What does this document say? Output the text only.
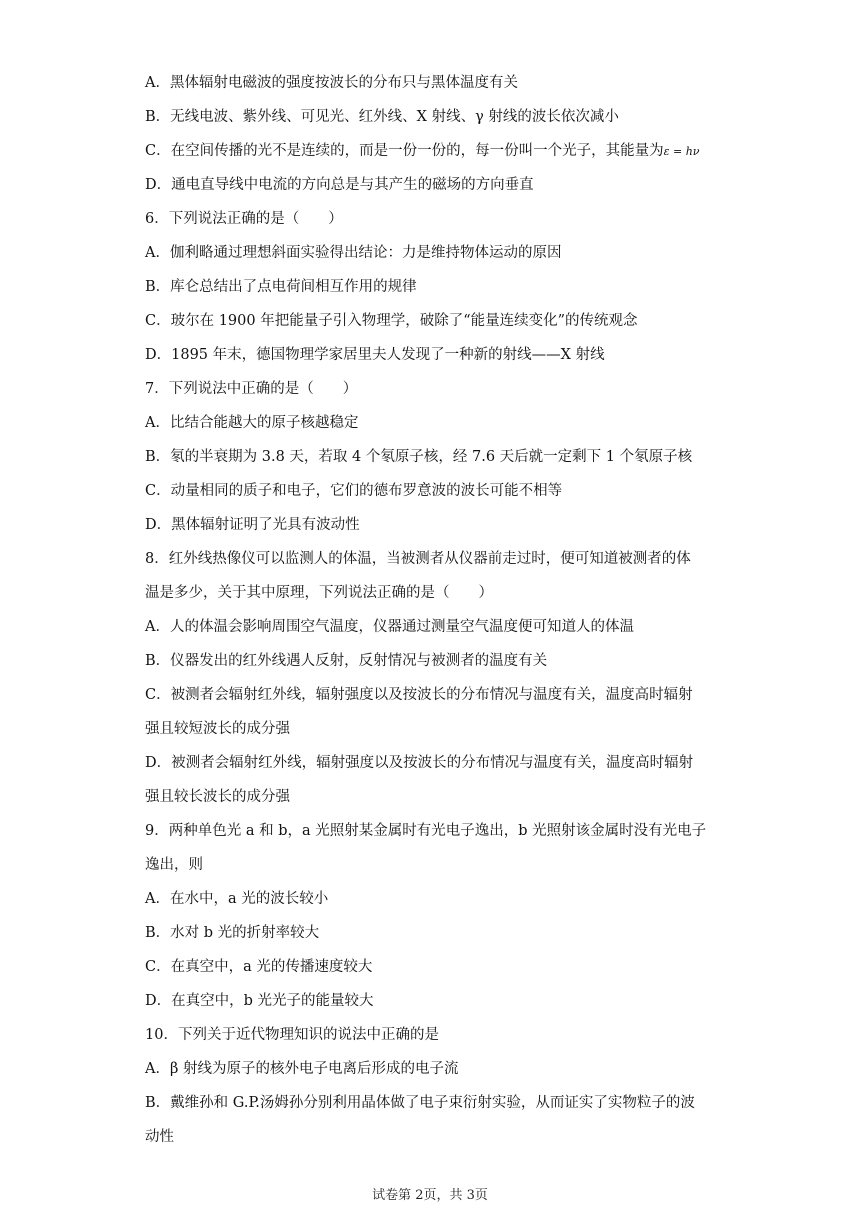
A．黑体辐射电磁波的强度按波长的分布只与黑体温度有关
B．无线电波、紫外线、可见光、红外线、X 射线、γ 射线的波长依次减小
C．在空间传播的光不是连续的，而是一份一份的，每一份叫一个光子，其能量为ε = hν
D．通电直导线中电流的方向总是与其产生的磁场的方向垂直
6．下列说法正确的是（　　）
A．伽利略通过理想斜面实验得出结论：力是维持物体运动的原因
B．库仑总结出了点电荷间相互作用的规律
C．玻尔在 1900 年把能量子引入物理学，破除了“能量连续变化”的传统观念
D．1895 年末，德国物理学家居里夫人发现了一种新的射线——X 射线
7．下列说法中正确的是（　　）
A．比结合能越大的原子核越稳定
B．氡的半衰期为 3.8 天，若取 4 个氡原子核，经 7.6 天后就一定剩下 1 个氡原子核
C．动量相同的质子和电子，它们的德布罗意波的波长可能不相等
D．黑体辐射证明了光具有波动性
8．红外线热像仪可以监测人的体温，当被测者从仪器前走过时，便可知道被测者的体
温是多少，关于其中原理，下列说法正确的是（　　）
A．人的体温会影响周围空气温度，仪器通过测量空气温度便可知道人的体温
B．仪器发出的红外线遇人反射，反射情况与被测者的温度有关
C．被测者会辐射红外线，辐射强度以及按波长的分布情况与温度有关，温度高时辐射
强且较短波长的成分强
D．被测者会辐射红外线，辐射强度以及按波长的分布情况与温度有关，温度高时辐射
强且较长波长的成分强
9．两种单色光 a 和 b，a 光照射某金属时有光电子逸出，b 光照射该金属时没有光电子
逸出，则
A．在水中，a 光的波长较小
B．水对 b 光的折射率较大
C．在真空中，a 光的传播速度较大
D．在真空中，b 光光子的能量较大
10．下列关于近代物理知识的说法中正确的是
A．β 射线为原子的核外电子电离后形成的电子流
B．戴维孙和 G.P.汤姆孙分别利用晶体做了电子束衍射实验，从而证实了实物粒子的波
动性
试卷第 2页，共 3页
